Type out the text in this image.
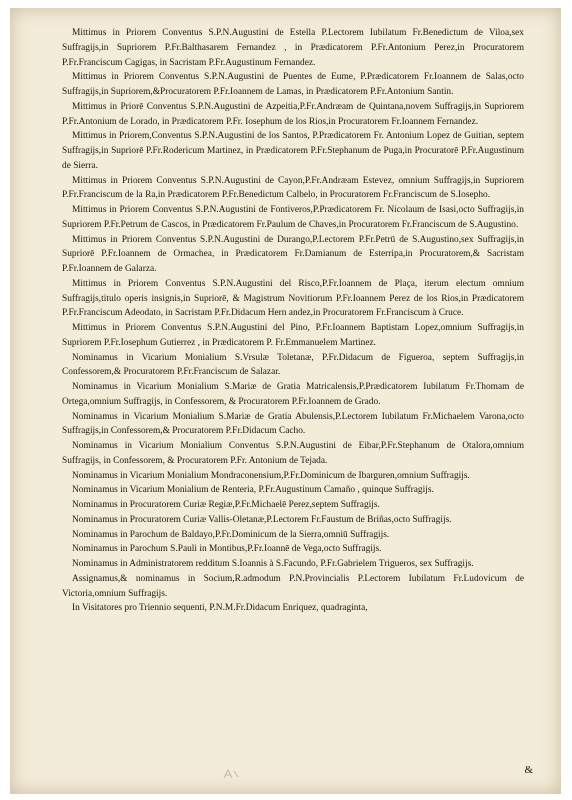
Mittimus in Priorem Conventus S.P.N.Augustini de Estella P.Lectorem Iubilatum Fr.Benedictum de Viloa,sex Suffragijs,in Supriorem P.Fr.Balthasarem Fernandez , in Prædicatorem P.Fr.Antonium Perez,in Procuratorem P.Fr.Franciscum Cagigas, in Sacristam P.Fr.Augustinum Fernandez.

Mittimus in Priorem Conventus S.P.N.Augustini de Puentes de Eume, P.Prædicatorem Fr.Ioannem de Salas,octo Suffragijs,in Supriorem,&Procuratorem P.Fr.Ioannem de Lamas, in Prædicatorem P.Fr.Antonium Santin.

Mittimus in Priorē Conventus S.P.N.Augustini de Azpeitia,P.Fr.Andræam de Quintana,novem Suffragijs,in Supriorem P.Fr.Antonium de Lorado, in Prædicatorem P.Fr. Iosephum de los Rios,in Procuratorem Fr.Ioannem Fernandez.

Mittimus in Priorem,Conventus S.P.N.Augustini de los Santos, P.Prædicatorem Fr. Antonium Lopez de Guitian, septem Suffragijs,in Supriorē P.Fr.Rodericum Martinez, in Prædicatorem P.Fr.Stephanum de Puga,in Procuratorē P.Fr.Augustinum de Sierra.

Mittimus in Priorem Conventus S.P.N.Augustini de Cayon,P.Fr.Andræam Estevez, omnium Suffragijs,in Supriorem P.Fr.Franciscum de la Ra,in Prædicatorem P.Fr.Benedictum Calbelo, in Procuratorem Fr.Franciscum de S.Iosepho.

Mittimus in Priorem Conventus S.P.N.Augustini de Fontiveros,P.Prædicatorem Fr. Nicolaum de Isasi,octo Suffragijs,in Supriorem P.Fr.Petrum de Cascos, in Prædicatorem Fr.Paulum de Chaves,in Procuratorem Fr.Franciscum de S.Augustino.

Mittimus in Priorem Conventus S.P.N.Augustini de Durango,P.Lectorem P.Fr.Petrū de S.Augustino,sex Suffragijs,in Supriorē P.Fr.Ioannem de Ormachea, in Prædicatorem Fr.Damianum de Esterripa,in Procuratorem,& Sacristam P.Fr.Ioannem de Galarza.

Mittimus in Priorem Conventus S.P.N.Augustini del Risco,P.Fr.Ioannem de Plaça, iterum electum omnium Suffragijs,titulo operis insignis,in Supriorē, & Magistrum Novitiorum P.Fr.Ioannem Perez de los Rios,in Prædicatorem P.Fr.Franciscum Adeodato, in Sacristam P.Fr.Didacum Hern andez,in Procuratorem Fr.Franciscum à Cruce.

Mittimus in Priorem Conventus S.P.N.Augustini del Pino, P.Fr.Ioannem Baptistam Lopez,omnium Suffragijs,in Supriorem P.Fr.Iosephum Gutierrez , in Prædicatorem P. Fr.Emmanuelem Martinez.

Nominamus in Vicarium Monialium S.Vrsulæ Toletanæ, P.Fr.Didacum de Figueroa, septem Suffragijs,in Confessorem,& Procuratorem P.Fr.Franciscum de Salazar.

Nominamus in Vicarium Monialium S.Mariæ de Gratia Matricalensis,P.Prædicatorem Iubilatum Fr.Thomam de Ortega,omnium Suffragijs, in Confessorem, & Procuratorem P.Fr.Ioannem de Grado.

Nominamus in Vicarium Monialium S.Mariæ de Gratia Abulensis,P.Lectorem Iubilatum Fr.Michaelem Varona,octo Suffragijs,in Confessorem,& Procuratorem P.Fr.Didacum Cacho.

Nominamus in Vicarium Monialium Conventus S.P.N.Augustini de Eibar,P.Fr.Stephanum de Otalora,omnium Suffragijs, in Confessorem, & Procuratorem P.Fr. Antonium de Tejada.

Nominamus in Vicarium Monialium Mondraconensium,P.Fr.Dominicum de Ibarguren,omnium Suffragijs.

Nominamus in Vicarium Monialium de Renteria, P.Fr.Augustinum Camaño , quinque Suffragijs.

Nominamus in Procuratorem Curiæ Regiæ,P.Fr.Michaelē Perez,septem Suffragijs.

Nominamus in Procuratorem Curiæ Vallis-Oletanæ,P.Lectorem Fr.Faustum de Briñas,octo Suffragijs.

Nominamus in Parochum de Baldayo,P.Fr.Dominicum de la Sierra,omniū Suffragijs.

Nominamus in Parochum S.Pauli in Montibus,P.Fr.Ioannē de Vega,octo Suffragijs.

Nominamus in Administratorem redditum S.Ioannis à S.Facundo, P.Fr.Gabrielem Trigueros, sex Suffragijs.

Assignamus,& nominamus in Socium,R.admodum P.N.Provincialis P.Lectorem Iubilatum Fr.Ludovicum de Victoria,omnium Suffragijs.

In Visitatores pro Triennio sequenti, P.N.M.Fr.Didacum Enriquez, quadraginta,

&
